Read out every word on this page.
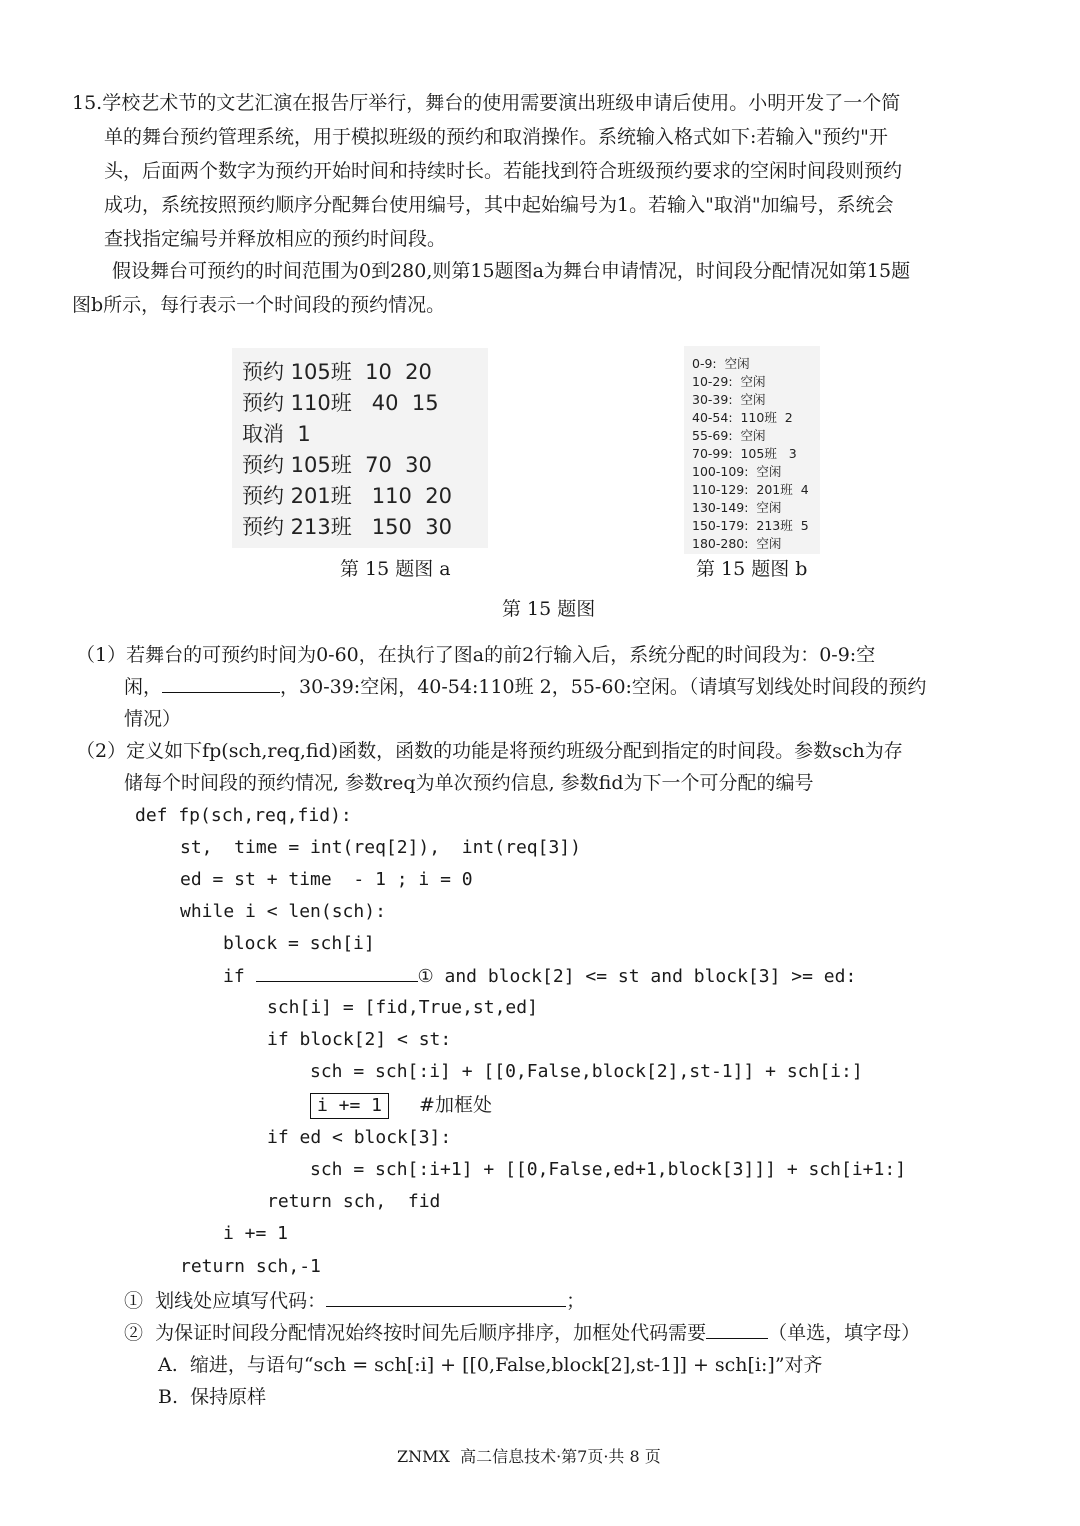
15.学校艺术节的文艺汇演在报告厅举行，舞台的使用需要演出班级申请后使用。小明开发了一个简
单的舞台预约管理系统，用于模拟班级的预约和取消操作。系统输入格式如下:若输入"预约"开
头，后面两个数字为预约开始时间和持续时长。若能找到符合班级预约要求的空闲时间段则预约
成功，系统按照预约顺序分配舞台使用编号，其中起始编号为1。若输入"取消"加编号，系统会
查找指定编号并释放相应的预约时间段。
假设舞台可预约的时间范围为0到280,则第15题图a为舞台申请情况，时间段分配情况如第15题
图b所示，每行表示一个时间段的预约情况。
预约 105班  10  20
预约 110班   40  15
取消  1
预约 105班  70  30
预约 201班   110  20
预约 213班   150  30
第 15 题图 a
0-9:  空闲
10-29:  空闲
30-39:  空闲
40-54:  110班  2
55-69:  空闲
70-99:  105班   3
100-109:  空闲
110-129:  201班  4
130-149:  空闲
150-179:  213班  5
180-280:  空闲
第 15 题图 b
第 15 题图
（1）若舞台的可预约时间为0-60，在执行了图a的前2行输入后，系统分配的时间段为：0-9:空
闲，	，30-39:空闲，40-54:110班 2，55-60:空闲。（请填写划线处时间段的预约
情况）
（2）定义如下fp(sch,req,fid)函数，函数的功能是将预约班级分配到指定的时间段。参数sch为存
储每个时间段的预约情况, 参数req为单次预约信息, 参数fid为下一个可分配的编号
def fp(sch,req,fid):
st,  time = int(req[2]),  int(req[3])
ed = st + time  - 1 ; i = 0
while i < len(sch):
block = sch[i]
if	① and block[2] <= st and block[3] >= ed:
sch[i] = [fid,True,st,ed]
if block[2] < st:
sch = sch[:i] + [[0,False,block[2],st-1]] + sch[i:]
i += 1 #加框处
if ed < block[3]:
sch = sch[:i+1] + [[0,False,ed+1,block[3]]] + sch[i+1:]
return sch,  fid
i += 1
return sch,-1
①  划线处应填写代码：	；
②  为保证时间段分配情况始终按时间先后顺序排序，加框处代码需要	（单选，填字母）
A.  缩进，与语句“sch = sch[:i] + [[0,False,block[2],st-1]] + sch[i:]”对齐
B.  保持原样
ZNMX  高二信息技术·第7页·共 8 页
